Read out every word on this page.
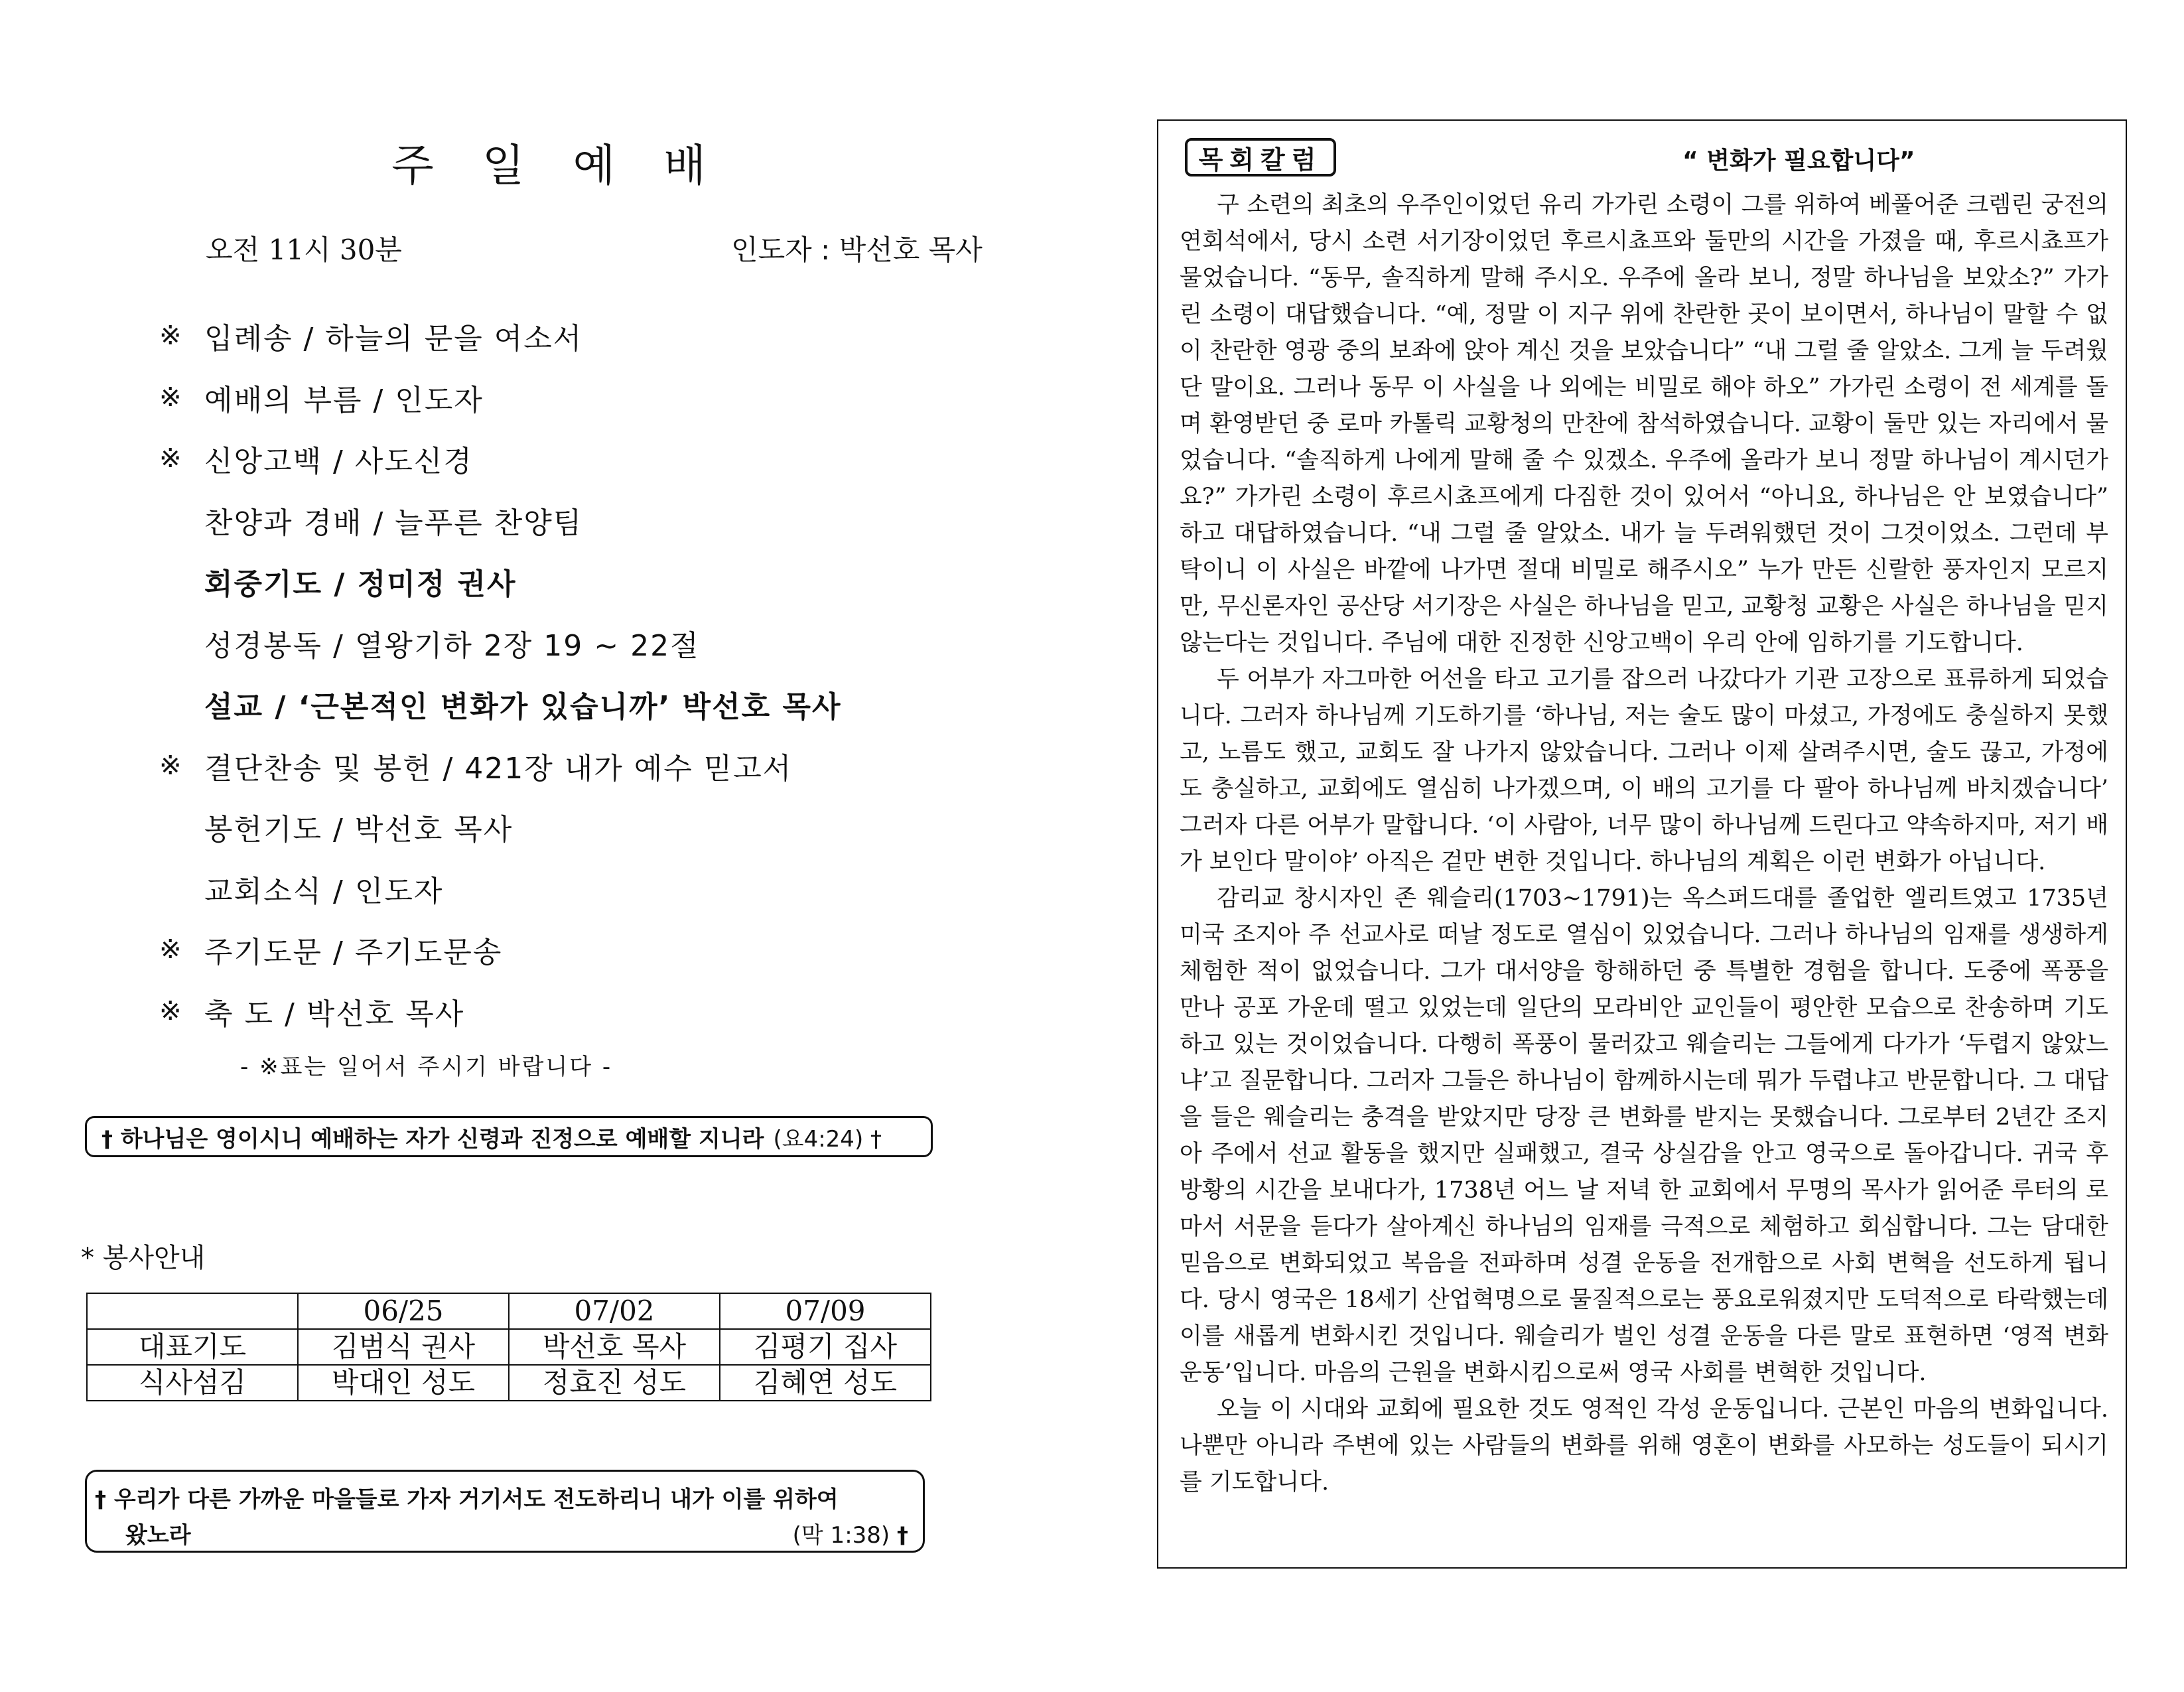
주 일 예 배
오전 11시 30분	인도자 : 박선호 목사
※ 입례송 / 하늘의 문을 여소서
※ 예배의 부름 / 인도자
※ 신앙고백 / 사도신경
찬양과 경배 / 늘푸른 찬양팀
회중기도 / 정미정 권사
성경봉독 / 열왕기하 2장 19 ~ 22절
설교 / ‘근본적인 변화가 있습니까’ 박선호 목사
※ 결단찬송 및 봉헌 / 421장 내가 예수 믿고서
봉헌기도 / 박선호 목사
교회소식 / 인도자
※ 주기도문 / 주기도문송
※ 축 도 / 박선호 목사
- ※표는 일어서 주시기 바랍니다 -
† 하나님은 영이시니 예배하는 자가 신령과 진정으로 예배할 지니라 (요4:24) †
* 봉사안내
	06/25	07/02	07/09
대표기도	김범식 권사	박선호 목사	김평기 집사
식사섬김	박대인 성도	정효진 성도	김혜연 성도
† 우리가 다른 가까운 마을들로 가자 거기서도 전도하리니 내가 이를 위하여
왔노라	(막 1:38) †
목회칼럼	“ 변화가 필요합니다”

구 소련의 최초의 우주인이었던 유리 가가린 소령이 그를 위하여 베풀어준 크렘린 궁전의 연회석에서, 당시 소련 서기장이었던 후르시쵸프와 둘만의 시간을 가졌을 때, 후르시쵸프가 물었습니다. “동무, 솔직하게 말해 주시오. 우주에 올라 보니, 정말 하나님을 보았소?” 가가린 소령이 대답했습니다. “예, 정말 이 지구 위에 찬란한 곳이 보이면서, 하나님이 말할 수 없이 찬란한 영광 중의 보좌에 앉아 계신 것을 보았습니다” “내 그럴 줄 알았소. 그게 늘 두려웠단 말이요. 그러나 동무 이 사실을 나 외에는 비밀로 해야 하오” 가가린 소령이 전 세계를 돌며 환영받던 중 로마 카톨릭 교황청의 만찬에 참석하였습니다. 교황이 둘만 있는 자리에서 물었습니다. “솔직하게 나에게 말해 줄 수 있겠소. 우주에 올라가 보니 정말 하나님이 계시던가요?” 가가린 소령이 후르시쵸프에게 다짐한 것이 있어서 “아니요, 하나님은 안 보였습니다” 하고 대답하였습니다. “내 그럴 줄 알았소. 내가 늘 두려워했던 것이 그것이었소. 그런데 부탁이니 이 사실은 바깥에 나가면 절대 비밀로 해주시오” 누가 만든 신랄한 풍자인지 모르지만, 무신론자인 공산당 서기장은 사실은 하나님을 믿고, 교황청 교황은 사실은 하나님을 믿지 않는다는 것입니다. 주님에 대한 진정한 신앙고백이 우리 안에 임하기를 기도합니다.

두 어부가 자그마한 어선을 타고 고기를 잡으러 나갔다가 기관 고장으로 표류하게 되었습니다. 그러자 하나님께 기도하기를 ‘하나님, 저는 술도 많이 마셨고, 가정에도 충실하지 못했고, 노름도 했고, 교회도 잘 나가지 않았습니다. 그러나 이제 살려주시면, 술도 끊고, 가정에도 충실하고, 교회에도 열심히 나가겠으며, 이 배의 고기를 다 팔아 하나님께 바치겠습니다’ 그러자 다른 어부가 말합니다. ‘이 사람아, 너무 많이 하나님께 드린다고 약속하지마, 저기 배가 보인다 말이야’ 아직은 겉만 변한 것입니다. 하나님의 계획은 이런 변화가 아닙니다.

감리교 창시자인 존 웨슬리(1703~1791)는 옥스퍼드대를 졸업한 엘리트였고 1735년 미국 조지아 주 선교사로 떠날 정도로 열심이 있었습니다. 그러나 하나님의 임재를 생생하게 체험한 적이 없었습니다. 그가 대서양을 항해하던 중 특별한 경험을 합니다. 도중에 폭풍을 만나 공포 가운데 떨고 있었는데 일단의 모라비안 교인들이 평안한 모습으로 찬송하며 기도하고 있는 것이었습니다. 다행히 폭풍이 물러갔고 웨슬리는 그들에게 다가가 ‘두렵지 않았느냐’고 질문합니다. 그러자 그들은 하나님이 함께하시는데 뭐가 두렵냐고 반문합니다. 그 대답을 들은 웨슬리는 충격을 받았지만 당장 큰 변화를 받지는 못했습니다. 그로부터 2년간 조지아 주에서 선교 활동을 했지만 실패했고, 결국 상실감을 안고 영국으로 돌아갑니다. 귀국 후 방황의 시간을 보내다가, 1738년 어느 날 저녁 한 교회에서 무명의 목사가 읽어준 루터의 로마서 서문을 듣다가 살아계신 하나님의 임재를 극적으로 체험하고 회심합니다. 그는 담대한 믿음으로 변화되었고 복음을 전파하며 성결 운동을 전개함으로 사회 변혁을 선도하게 됩니다. 당시 영국은 18세기 산업혁명으로 물질적으로는 풍요로워졌지만 도덕적으로 타락했는데 이를 새롭게 변화시킨 것입니다. 웨슬리가 벌인 성결 운동을 다른 말로 표현하면 ‘영적 변화 운동’입니다. 마음의 근원을 변화시킴으로써 영국 사회를 변혁한 것입니다.

오늘 이 시대와 교회에 필요한 것도 영적인 각성 운동입니다. 근본인 마음의 변화입니다. 나뿐만 아니라 주변에 있는 사람들의 변화를 위해 영혼이 변화를 사모하는 성도들이 되시기를 기도합니다.
